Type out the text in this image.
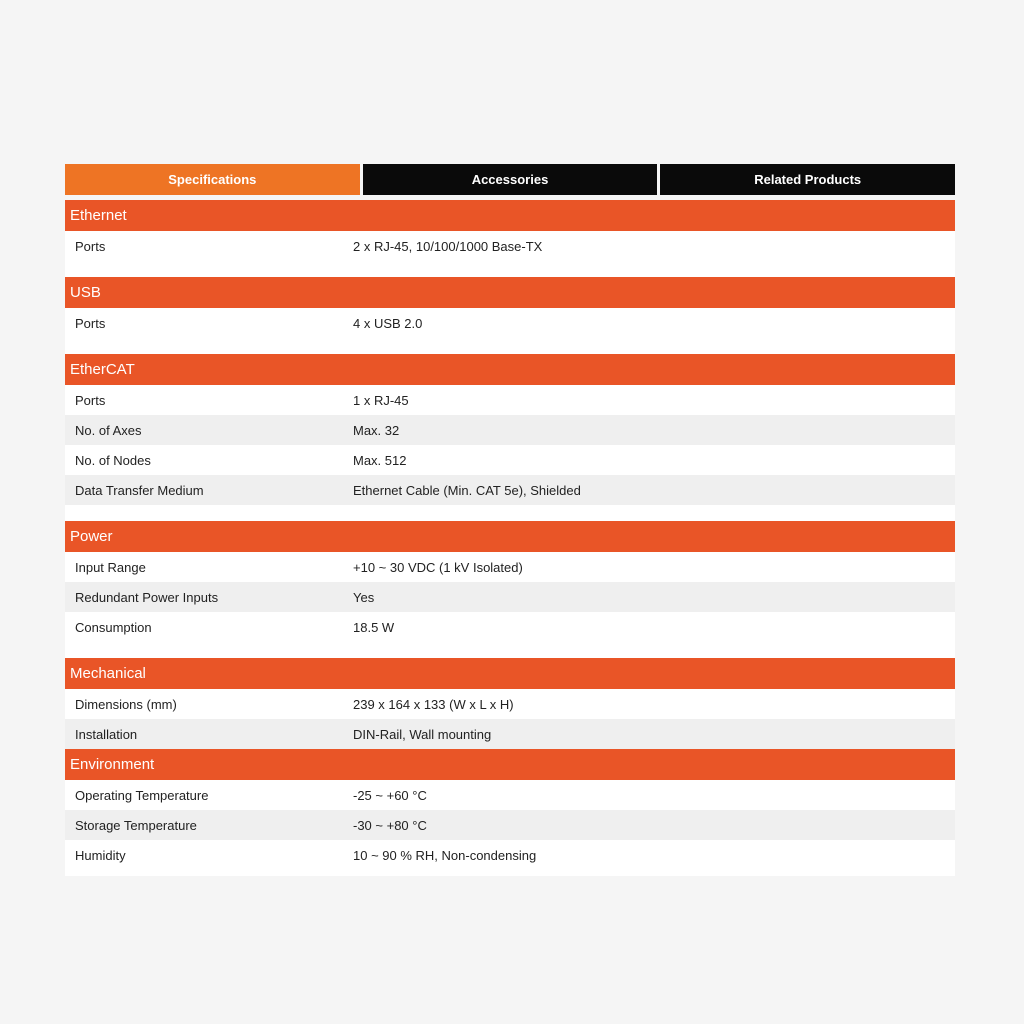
Specifications	Accessories	Related Products
Ethernet
Ports	2 x RJ-45, 10/100/1000 Base-TX
USB
Ports	4 x USB 2.0
EtherCAT
Ports	1 x RJ-45
No. of Axes	Max. 32
No. of Nodes	Max. 512
Data Transfer Medium	Ethernet Cable (Min. CAT 5e), Shielded
Power
Input Range	+10 ~ 30 VDC (1 kV Isolated)
Redundant Power Inputs	Yes
Consumption	18.5 W
Mechanical
Dimensions (mm)	239 x 164 x 133 (W x L x H)
Installation	DIN-Rail, Wall mounting
Environment
Operating Temperature	-25 ~ +60 °C
Storage Temperature	-30 ~ +80 °C
Humidity	10 ~ 90 % RH, Non-condensing
